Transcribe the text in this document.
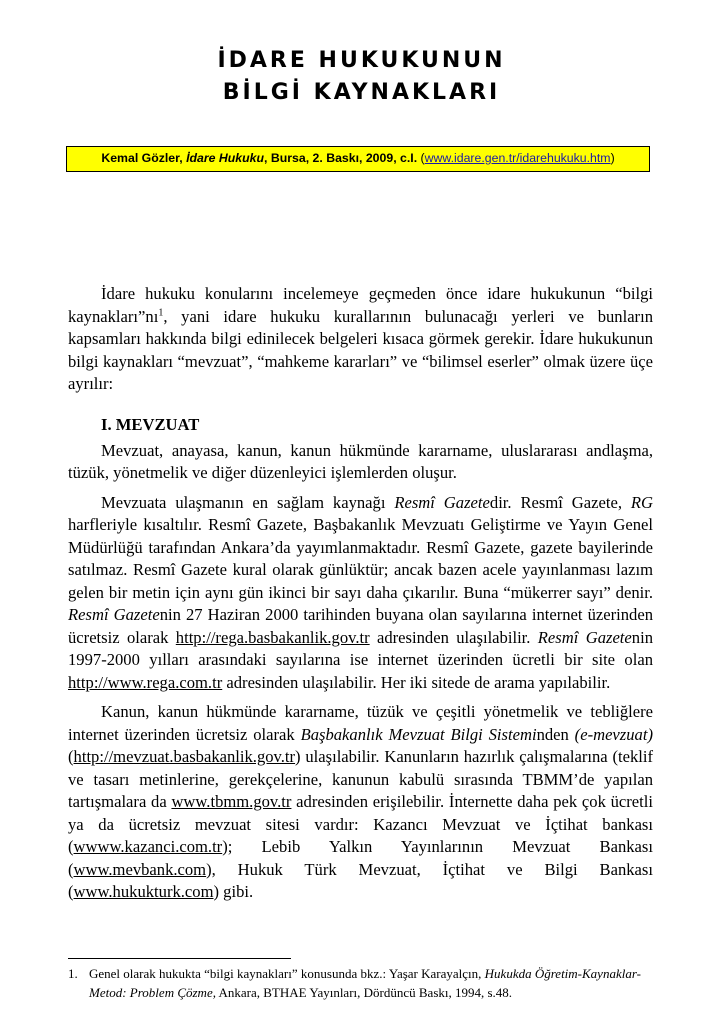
İDARE HUKUKUNUN
BİLGİ KAYNAKLARI
Kemal Gözler, İdare Hukuku, Bursa, 2. Baskı, 2009, c.I. (www.idare.gen.tr/idarehukuku.htm)

İdare hukuku konularını incelemeye geçmeden önce idare hukukunun “bilgi $kaynakları”nı^1$, yani idare hukuku kurallarının bulunacağı yerleri ve bunların kapsamları hakkında bilgi edinilecek belgeleri kısaca görmek gerekir. İdare hukukunun bilgi kaynakları “mevzuat”, “mahkeme kararları” ve “bilimsel eserler” olmak üzere üçe ayrılır:

I. MEVZUAT

Mevzuat, anayasa, kanun, kanun hükmünde kararname, uluslararası andlaşma, tüzük, yönetmelik ve diğer düzenleyici işlemlerden oluşur.

Mevzuata ulaşmanın en sağlam kaynağı Resmî Gazetedir. Resmî Gazete, RG harfleriyle kısaltılır. Resmî Gazete, Başbakanlık Mevzuatı Geliştirme ve Yayın Genel Müdürlüğü tarafından Ankara’da yayımlanmaktadır. Resmî Gazete, gazete bayilerinde satılmaz. Resmî Gazete kural olarak günlüktür; ancak bazen acele yayınlanması lazım gelen bir metin için aynı gün ikinci bir sayı daha çıkarılır. Buna “mükerrer sayı” denir. Resmî Gazetenin 27 Haziran 2000 tarihinden buyana olan sayılarına internet üzerinden ücretsiz olarak http://rega.basbakanlik.gov.tr adresinden ulaşılabilir. Resmî Gazetenin 1997-2000 yılları arasındaki sayılarına ise internet üzerinden ücretli bir site olan http://www.rega.com.tr adresinden ulaşılabilir. Her iki sitede de arama yapılabilir.

Kanun, kanun hükmünde kararname, tüzük ve çeşitli yönetmelik ve tebliğlere internet üzerinden ücretsiz olarak Başbakanlık Mevzuat Bilgi Sisteminden (e-mevzuat) (http://mevzuat.basbakanlik.gov.tr) ulaşılabilir. Kanunların hazırlık çalışmalarına (teklif ve tasarı metinlerine, gerekçelerine, kanunun kabulü sırasında TBMM’de yapılan tartışmalara da www.tbmm.gov.tr adresinden erişilebilir. İnternette daha pek çok ücretli ya da ücretsiz mevzuat sitesi vardır: Kazancı Mevzuat ve İçtihat bankası (wwww.kazanci.com.tr); Lebib Yalkın Yayınlarının Mevzuat Bankası (www.mevbank.com), Hukuk Türk Mevzuat, İçtihat ve Bilgi Bankası (www.hukukturk.com) gibi.

1. Genel olarak hukukta “bilgi kaynakları” konusunda bkz.: Yaşar Karayalçın, Hukukda Öğretim-Kaynaklar-Metod: Problem Çözme, Ankara, BTHAE Yayınları, Dördüncü Baskı, 1994, s.48.
